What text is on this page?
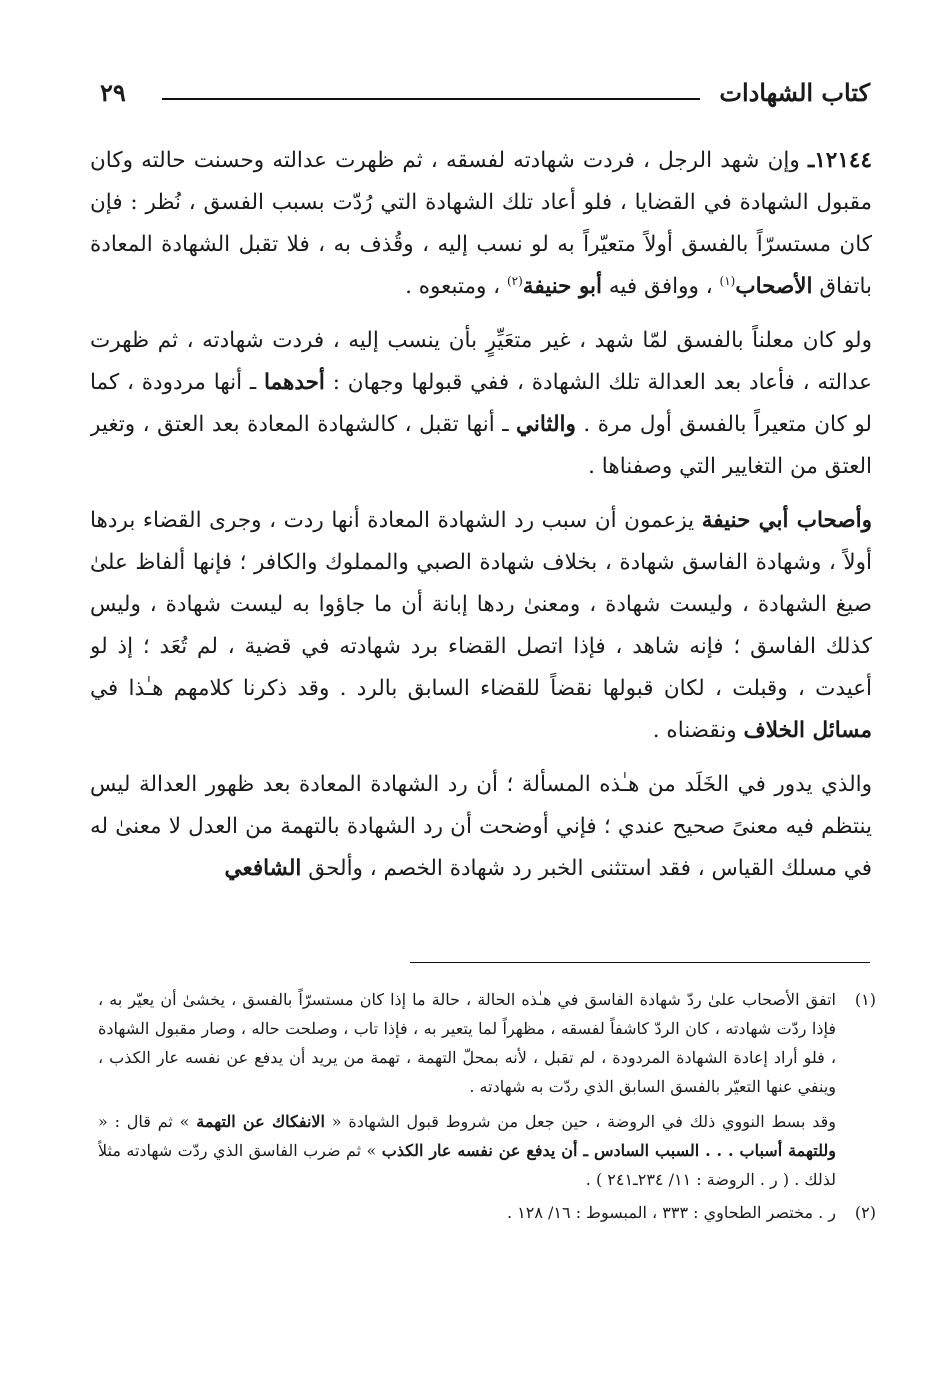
كتاب الشهادات
٢٩

١٢١٤٤ـ وإن شهد الرجل ، فردت شهادته لفسقه ، ثم ظهرت عدالته وحسنت حالته وكان مقبول الشهادة في القضايا ، فلو أعاد تلك الشهادة التي رُدّت بسبب الفسق ، نُظر : فإن كان مستسرّاً بالفسق أولاً متعيّراً به لو نسب إليه ، وقُذف به ، فلا تقبل الشهادة المعادة باتفاق الأصحاب$^{(١)}$ ، ووافق فيه أبو حنيفة$^{(٢)}$ ، ومتبعوه .

ولو كان معلناً بالفسق لمّا شهد ، غير متعَيِّرٍ بأن ينسب إليه ، فردت شهادته ، ثم ظهرت عدالته ، فأعاد بعد العدالة تلك الشهادة ، ففي قبولها وجهان : أحدهما ـ أنها مردودة ، كما لو كان متعيراً بالفسق أول مرة . والثاني ـ أنها تقبل ، كالشهادة المعادة بعد العتق ، وتغير العتق من التغايير التي وصفناها .

وأصحاب أبي حنيفة يزعمون أن سبب رد الشهادة المعادة أنها ردت ، وجرى القضاء بردها أولاً ، وشهادة الفاسق شهادة ، بخلاف شهادة الصبي والمملوك والكافر ؛ فإنها ألفاظ علىٰ صيغ الشهادة ، وليست شهادة ، ومعنىٰ ردها إبانة أن ما جاؤوا به ليست شهادة ، وليس كذلك الفاسق ؛ فإنه شاهد ، فإذا اتصل القضاء برد شهادته في قضية ، لم تُعَد ؛ إذ لو أعيدت ، وقبلت ، لكان قبولها نقضاً للقضاء السابق بالرد . وقد ذكرنا كلامهم هـٰذا في مسائل الخلاف ونقضناه .

والذي يدور في الخَلَد من هـٰذه المسألة ؛ أن رد الشهادة المعادة بعد ظهور العدالة ليس ينتظم فيه معنىً صحيح عندي ؛ فإني أوضحت أن رد الشهادة بالتهمة من العدل لا معنىٰ له في مسلك القياس ، فقد استثنى الخبر رد شهادة الخصم ، وألحق الشافعي

(١)

اتفق الأصحاب علىٰ ردّ شهادة الفاسق في هـٰذه الحالة ، حالة ما إذا كان مستسرّاً بالفسق ، يخشىٰ أن يعيّر به ، فإذا ردّت شهادته ، كان الردّ كاشفاً لفسقه ، مظهراً لما يتعير به ، فإذا تاب ، وصلحت حاله ، وصار مقبول الشهادة ، فلو أراد إعادة الشهادة المردودة ، لم تقبل ، لأنه بمحلّ التهمة ، تهمة من يريد أن يدفع عن نفسه عار الكذب ، وينفي عنها التعيّر بالفسق السابق الذي ردّت به شهادته .

وقد بسط النووي ذلك في الروضة ، حين جعل من شروط قبول الشهادة « الانفكاك عن التهمة » ثم قال : « وللتهمة أسباب . . . السبب السادس ـ أن يدفع عن نفسه عار الكذب » ثم ضرب الفاسق الذي ردّت شهادته مثلاً لذلك . ( ر . الروضة : ١١/ ٢٣٤ـ٢٤١ ) .
(٢)
ر . مختصر الطحاوي : ٣٣٣ ، المبسوط : ١٦/ ١٢٨ .
